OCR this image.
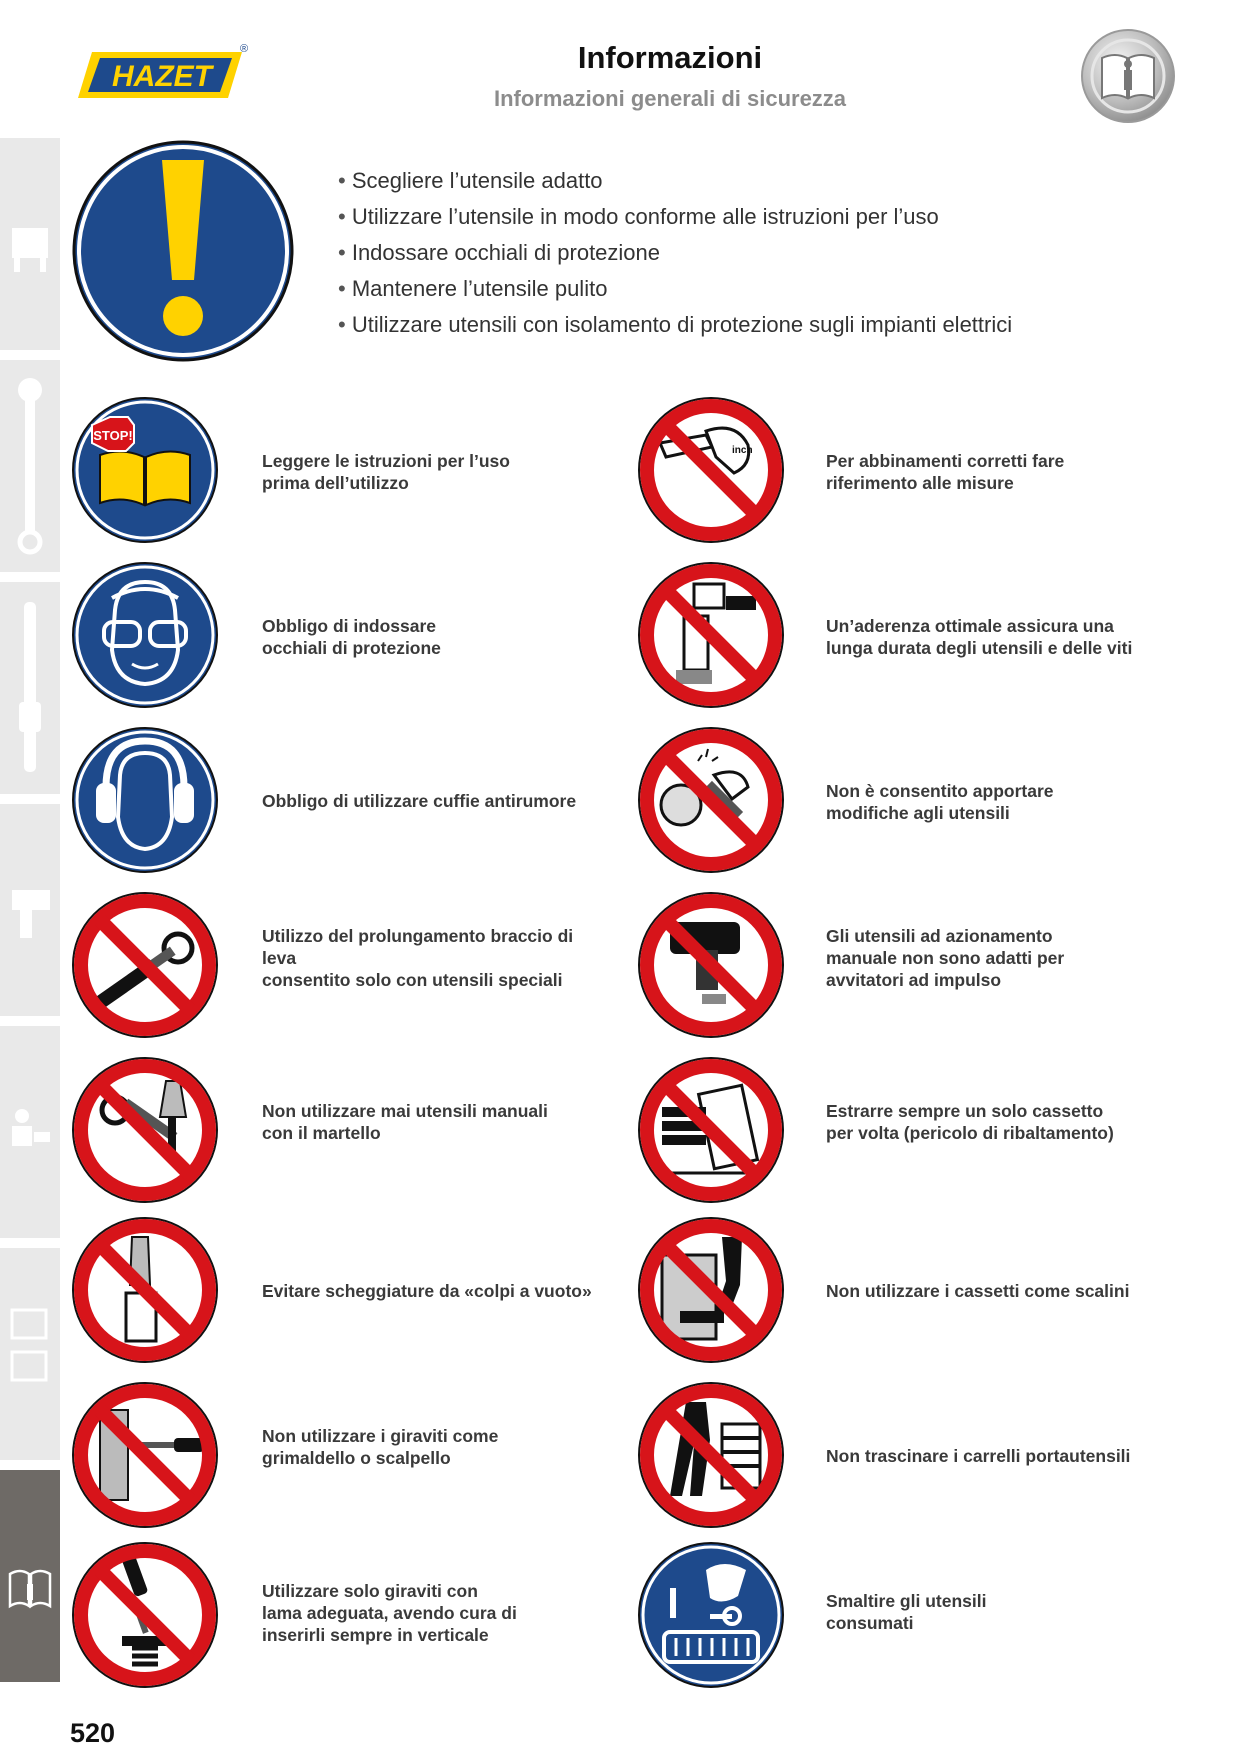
HAZET
®	Informazioni
Informazioni generali di sicurezza
• Scegliere l’utensile adatto
• Utilizzare l’utensile in modo conforme alle istruzioni per l’uso
• Indossare occhiali di protezione
• Mantenere l’utensile pulito
• Utilizzare utensili con isolamento di protezione sugli impianti elettrici
STOP!
Leggere le istruzioni per l’uso
prima dell’utilizzo
Obbligo di indossare
occhiali di protezione
Obbligo di utilizzare cuffie antirumore
Utilizzo del prolungamento braccio di
leva
consentito solo con utensili speciali
Non utilizzare mai utensili manuali
con il martello
Evitare scheggiature da «colpi a vuoto»
Non utilizzare i giraviti come
grimaldello o scalpello
Utilizzare solo giraviti con
lama adeguata, avendo cura di
inserirli sempre in verticale
inch
Per abbinamenti corretti fare
riferimento alle misure
Un’aderenza ottimale assicura una
lunga durata degli utensili e delle viti
Non è consentito apportare
modifiche agli utensili
Gli utensili ad azionamento
manuale non sono adatti per
avvitatori ad impulso
Estrarre sempre un solo cassetto
per volta (pericolo di ribaltamento)
Non utilizzare i cassetti come scalini
Non trascinare i carrelli portautensili
Smaltire gli utensili
consumati
520
